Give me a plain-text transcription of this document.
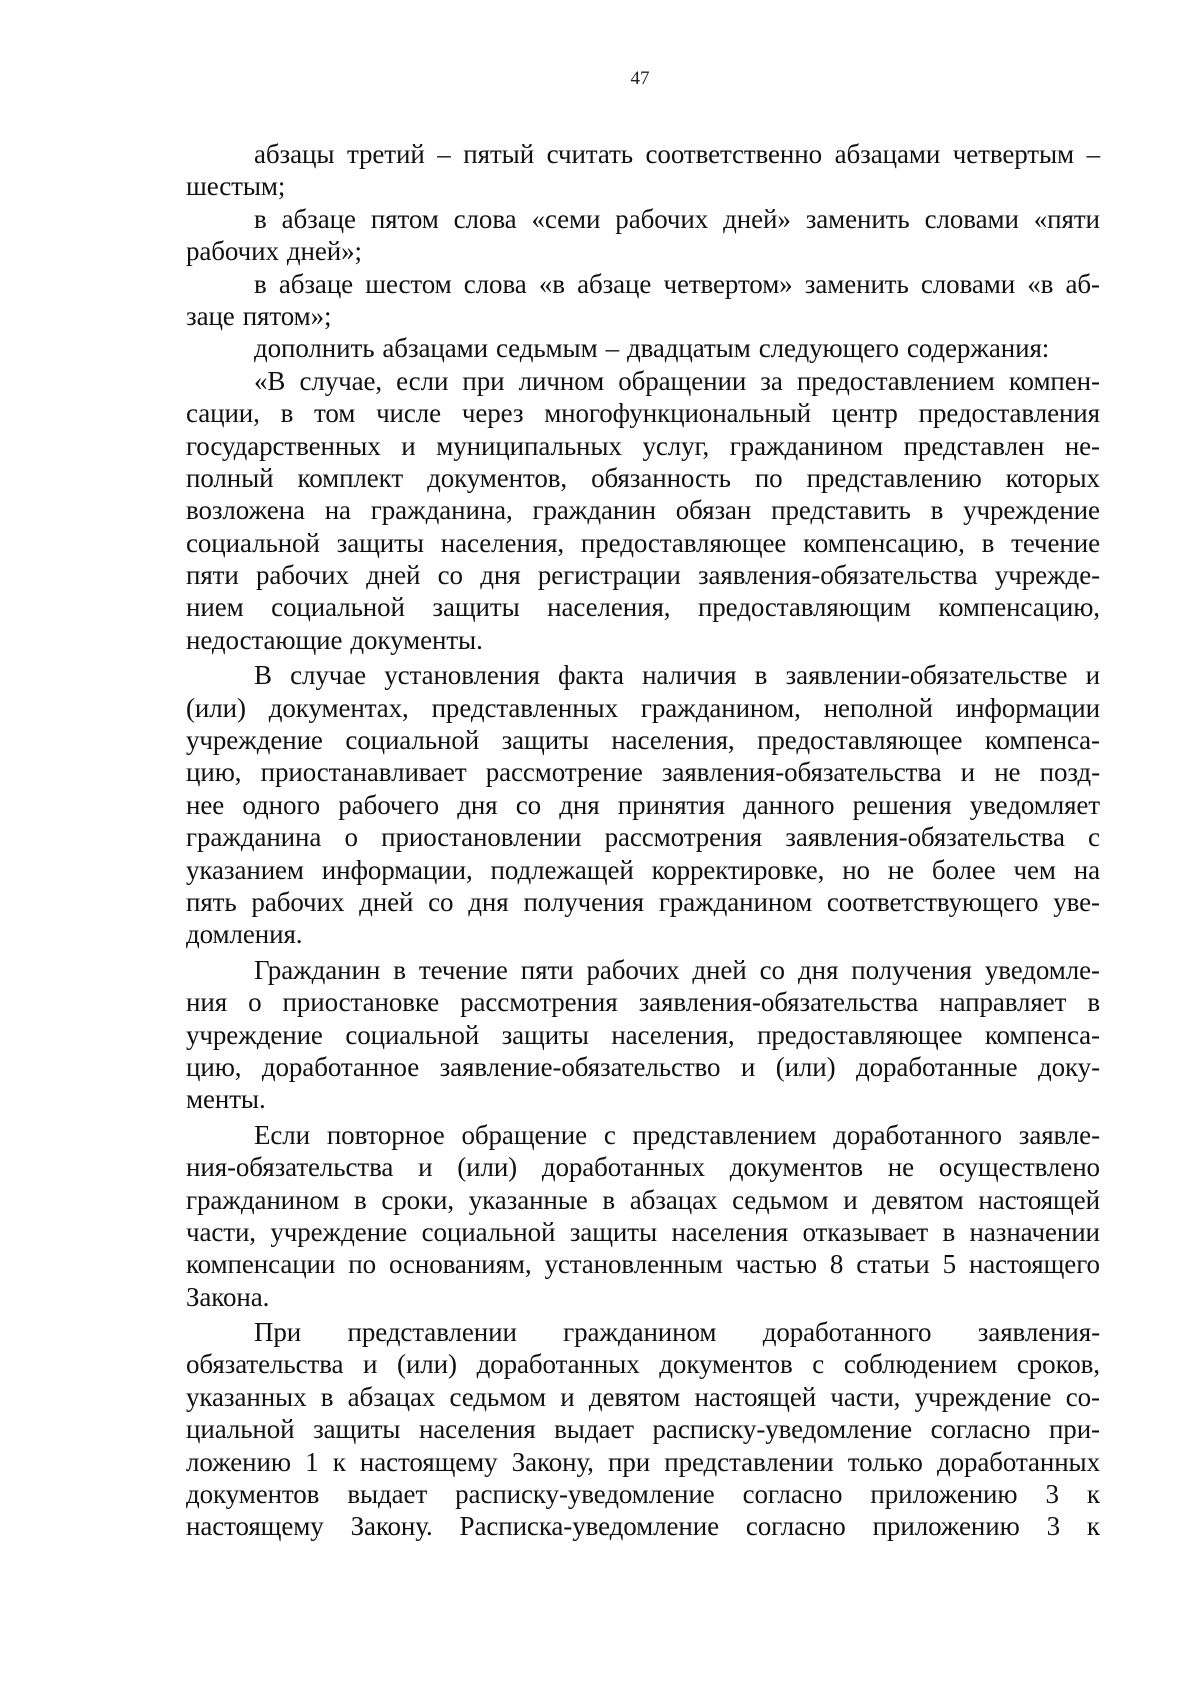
47
абзацы третий – пятый считать соответственно абзацами четвертым –
шестым;
в абзаце пятом слова «семи рабочих дней» заменить словами «пяти
рабочих дней»;
в абзаце шестом слова «в абзаце четвертом» заменить словами «в аб-
заце пятом»;
дополнить абзацами седьмым – двадцатым следующего содержания:
«В случае, если при личном обращении за предоставлением компен-
сации, в том числе через многофункциональный центр предоставления
государственных и муниципальных услуг, гражданином представлен не-
полный комплект документов, обязанность по представлению которых
возложена на гражданина, гражданин обязан представить в учреждение
социальной защиты населения, предоставляющее компенсацию, в течение
пяти рабочих дней со дня регистрации заявления-обязательства учрежде-
нием социальной защиты населения, предоставляющим компенсацию,
недостающие документы.
В случае установления факта наличия в заявлении-обязательстве и
(или) документах, представленных гражданином, неполной информации
учреждение социальной защиты населения, предоставляющее компенса-
цию, приостанавливает рассмотрение заявления-обязательства и не позд-
нее одного рабочего дня со дня принятия данного решения уведомляет
гражданина о приостановлении рассмотрения заявления-обязательства с
указанием информации, подлежащей корректировке, но не более чем на
пять рабочих дней со дня получения гражданином соответствующего уве-
домления.
Гражданин в течение пяти рабочих дней со дня получения уведомле-
ния о приостановке рассмотрения заявления-обязательства направляет в
учреждение социальной защиты населения, предоставляющее компенса-
цию, доработанное заявление-обязательство и (или) доработанные доку-
менты.
Если повторное обращение с представлением доработанного заявле-
ния-обязательства и (или) доработанных документов не осуществлено
гражданином в сроки, указанные в абзацах седьмом и девятом настоящей
части, учреждение социальной защиты населения отказывает в назначении
компенсации по основаниям, установленным частью 8 статьи 5 настоящего
Закона.
При представлении гражданином доработанного заявления-
обязательства и (или) доработанных документов с соблюдением сроков,
указанных в абзацах седьмом и девятом настоящей части, учреждение со-
циальной защиты населения выдает расписку-уведомление согласно при-
ложению 1 к настоящему Закону, при представлении только доработанных
документов выдает расписку-уведомление согласно приложению 3 к
настоящему Закону. Расписка-уведомление согласно приложению 3 к
